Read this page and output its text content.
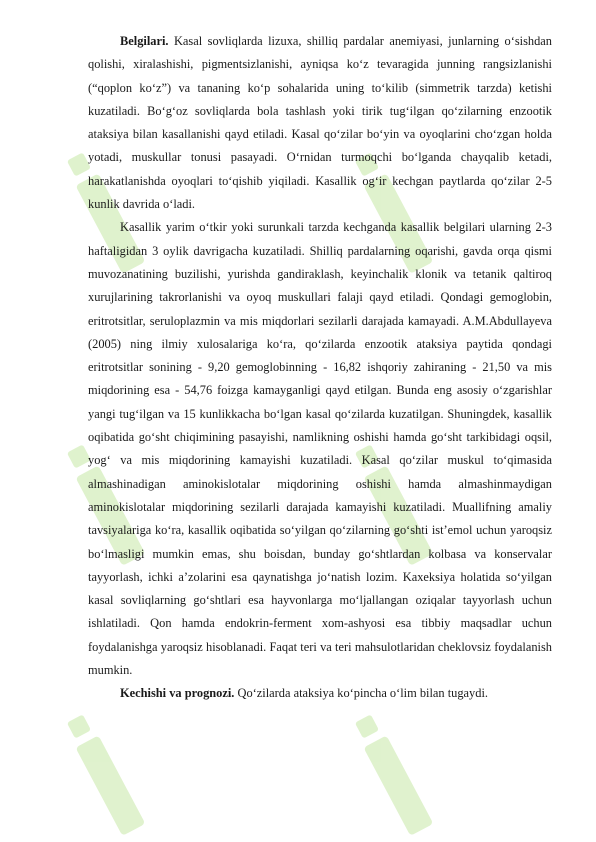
Belgilari. Kasal sovliqlarda lizuxa, shilliq pardalar anemiyasi, junlarning oʻsishdan qolishi, xiralashishi, pigmentsizlanishi, ayniqsa koʻz tevaragida junning rangsizlanishi (“qoplon koʻz”) va tananing koʻp sohalarida uning toʻkilib (simmetrik tarzda) ketishi kuzatiladi. Boʻgʻoz sovliqlarda bola tashlash yoki tirik tugʻilgan qoʻzilarning enzootik ataksiya bilan kasallanishi qayd etiladi. Kasal qoʻzilar boʻyin va oyoqlarini choʻzgan holda yotadi, muskullar tonusi pasayadi. Oʻrnidan turmoqchi boʻlganda chayqalib ketadi, harakatlanishda oyoqlari toʻqishib yiqiladi. Kasallik ogʻir kechgan paytlarda qoʻzilar 2-5 kunlik davrida oʻladi.

Kasallik yarim oʻtkir yoki surunkali tarzda kechganda kasallik belgilari ularning 2-3 haftaligidan 3 oylik davrigacha kuzatiladi. Shilliq pardalarning oqarishi, gavda orqa qismi muvozanatining buzilishi, yurishda gandiraklash, keyinchalik klonik va tetanik qaltiroq xurujlarining takrorlanishi va oyoq muskullari falaji qayd etiladi. Qondagi gemoglobin, eritrotsitlar, seruloplazmin va mis miqdorlari sezilarli darajada kamayadi. A.M.Abdullayeva (2005) ning ilmiy xulosalariga koʻra, qoʻzilarda enzootik ataksiya paytida qondagi eritrotsitlar sonining - 9,20 gemoglobinning - 16,82 ishqoriy zahiraning - 21,50 va mis miqdorining esa - 54,76 foizga kamayganligi qayd etilgan. Bunda eng asosiy oʻzgarishlar yangi tugʻilgan va 15 kunlikkacha boʻlgan kasal qoʻzilarda kuzatilgan. Shuningdek, kasallik oqibatida goʻsht chiqimining pasayishi, namlikning oshishi hamda goʻsht tarkibidagi oqsil, yogʻ va mis miqdorining kamayishi kuzatiladi. Kasal qoʻzilar muskul toʻqimasida almashinadigan aminokislotalar miqdorining oshishi hamda almashinmaydigan aminokislotalar miqdorining sezilarli darajada kamayishi kuzatiladi. Muallifning amaliy tavsiyalariga koʻra, kasallik oqibatida soʻyilgan qoʻzilarning goʻshti istʼemol uchun yaroqsiz boʻlmasligi mumkin emas, shu boisdan, bunday goʻshtlardan kolbasa va konservalar tayyorlash, ichki aʼzolarini esa qaynatishga joʻnatish lozim. Kaxeksiya holatida soʻyilgan kasal sovliqlarning goʻshtlari esa hayvonlarga moʻljallangan oziqalar tayyorlash uchun ishlatiladi. Qon hamda endokrin-ferment xom-ashyosi esa tibbiy maqsadlar uchun foydalanishga yaroqsiz hisoblanadi. Faqat teri va teri mahsulotlaridan cheklovsiz foydalanish mumkin.

Kechishi va prognozi. Qoʻzilarda ataksiya koʻpincha oʻlim bilan tugaydi.
